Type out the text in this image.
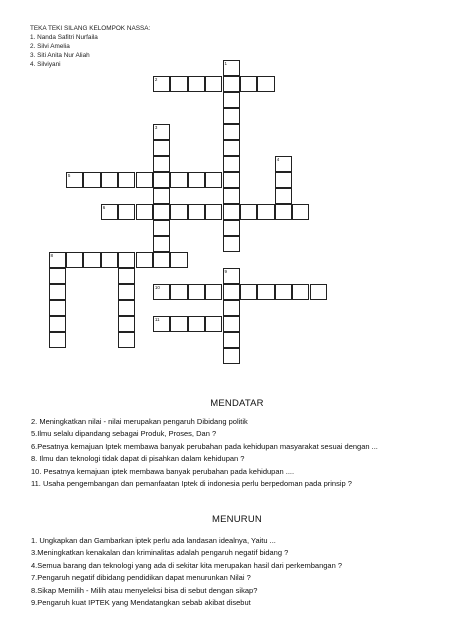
TEKA TEKI SILANG KELOMPOK NASSA:
1. Nanda Safitri Nurfaila
2. Silvi Amelia
3. Siti Anita Nur Aliah
4. Silviyani
2
1
3
4
5
6
8
9
10
11
MENDATAR
2. Meningkatkan nilai - nilai merupakan pengaruh Dibidang politik
5.Ilmu selalu dipandang sebagai Produk, Proses, Dan ?
6.Pesatnya kemajuan Iptek membawa banyak perubahan pada kehidupan masyarakat sesuai dengan ...
8. Ilmu dan teknologi tidak dapat di pisahkan dalam kehidupan ?
10. Pesatnya kemajuan iptek membawa banyak perubahan pada kehidupan ....
11. Usaha pengembangan dan pemanfaatan Iptek di indonesia perlu berpedoman pada prinsip ?
MENURUN
1. Ungkapkan dan Gambarkan iptek perlu ada landasan idealnya, Yaitu ...
3.Meningkatkan kenakalan dan kriminalitas adalah pengaruh negatif bidang ?
4.Semua barang dan teknologi yang ada di sekitar kita merupakan hasil dari perkembangan ?
7.Pengaruh negatif dibidang pendidikan dapat menurunkan Nilai ?
8.Sikap Memilih - Milih atau menyeleksi bisa di sebut dengan sikap?
9.Pengaruh kuat IPTEK yang Mendatangkan sebab akibat disebut
